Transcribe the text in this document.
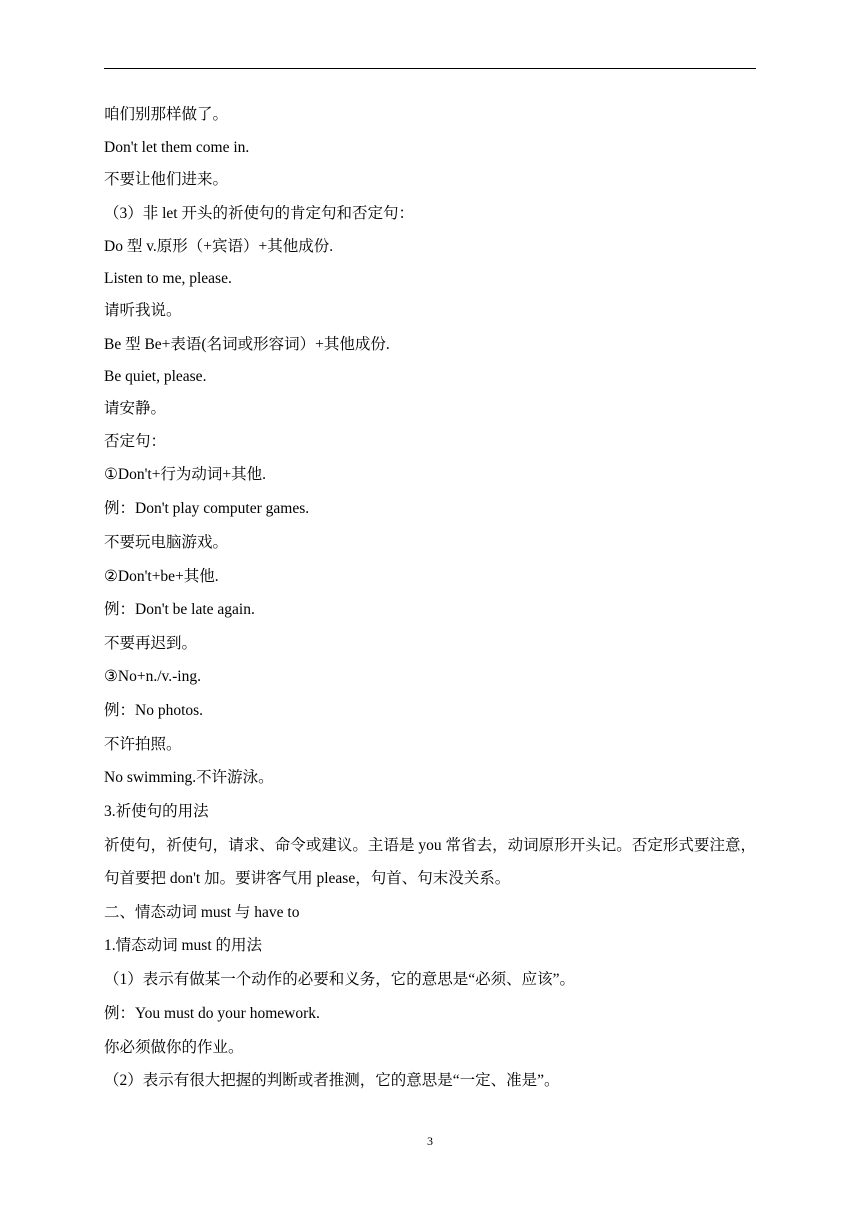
咱们别那样做了。
Don't let them come in.
不要让他们进来。
（3）非 let 开头的祈使句的肯定句和否定句：
Do 型 v.原形（+宾语）+其他成份.
Listen to me, please.
请听我说。
Be 型 Be+表语(名词或形容词）+其他成份.
Be quiet, please.
请安静。
否定句：
①Don't+行为动词+其他.
例：Don't play computer games.
不要玩电脑游戏。
②Don't+be+其他.
例：Don't be late again.
不要再迟到。
③No+n./v.-ing.
例：No photos.
不许拍照。
No swimming.不许游泳。
3.祈使句的用法
祈使句，祈使句，请求、命令或建议。主语是 you 常省去，动词原形开头记。否定形式要注意，句首要把 don't 加。要讲客气用 please，句首、句末没关系。
二、情态动词 must 与 have to
1.情态动词 must 的用法
（1）表示有做某一个动作的必要和义务，它的意思是“必须、应该”。
例：You must do your homework.
你必须做你的作业。
（2）表示有很大把握的判断或者推测，它的意思是“一定、准是”。
3
